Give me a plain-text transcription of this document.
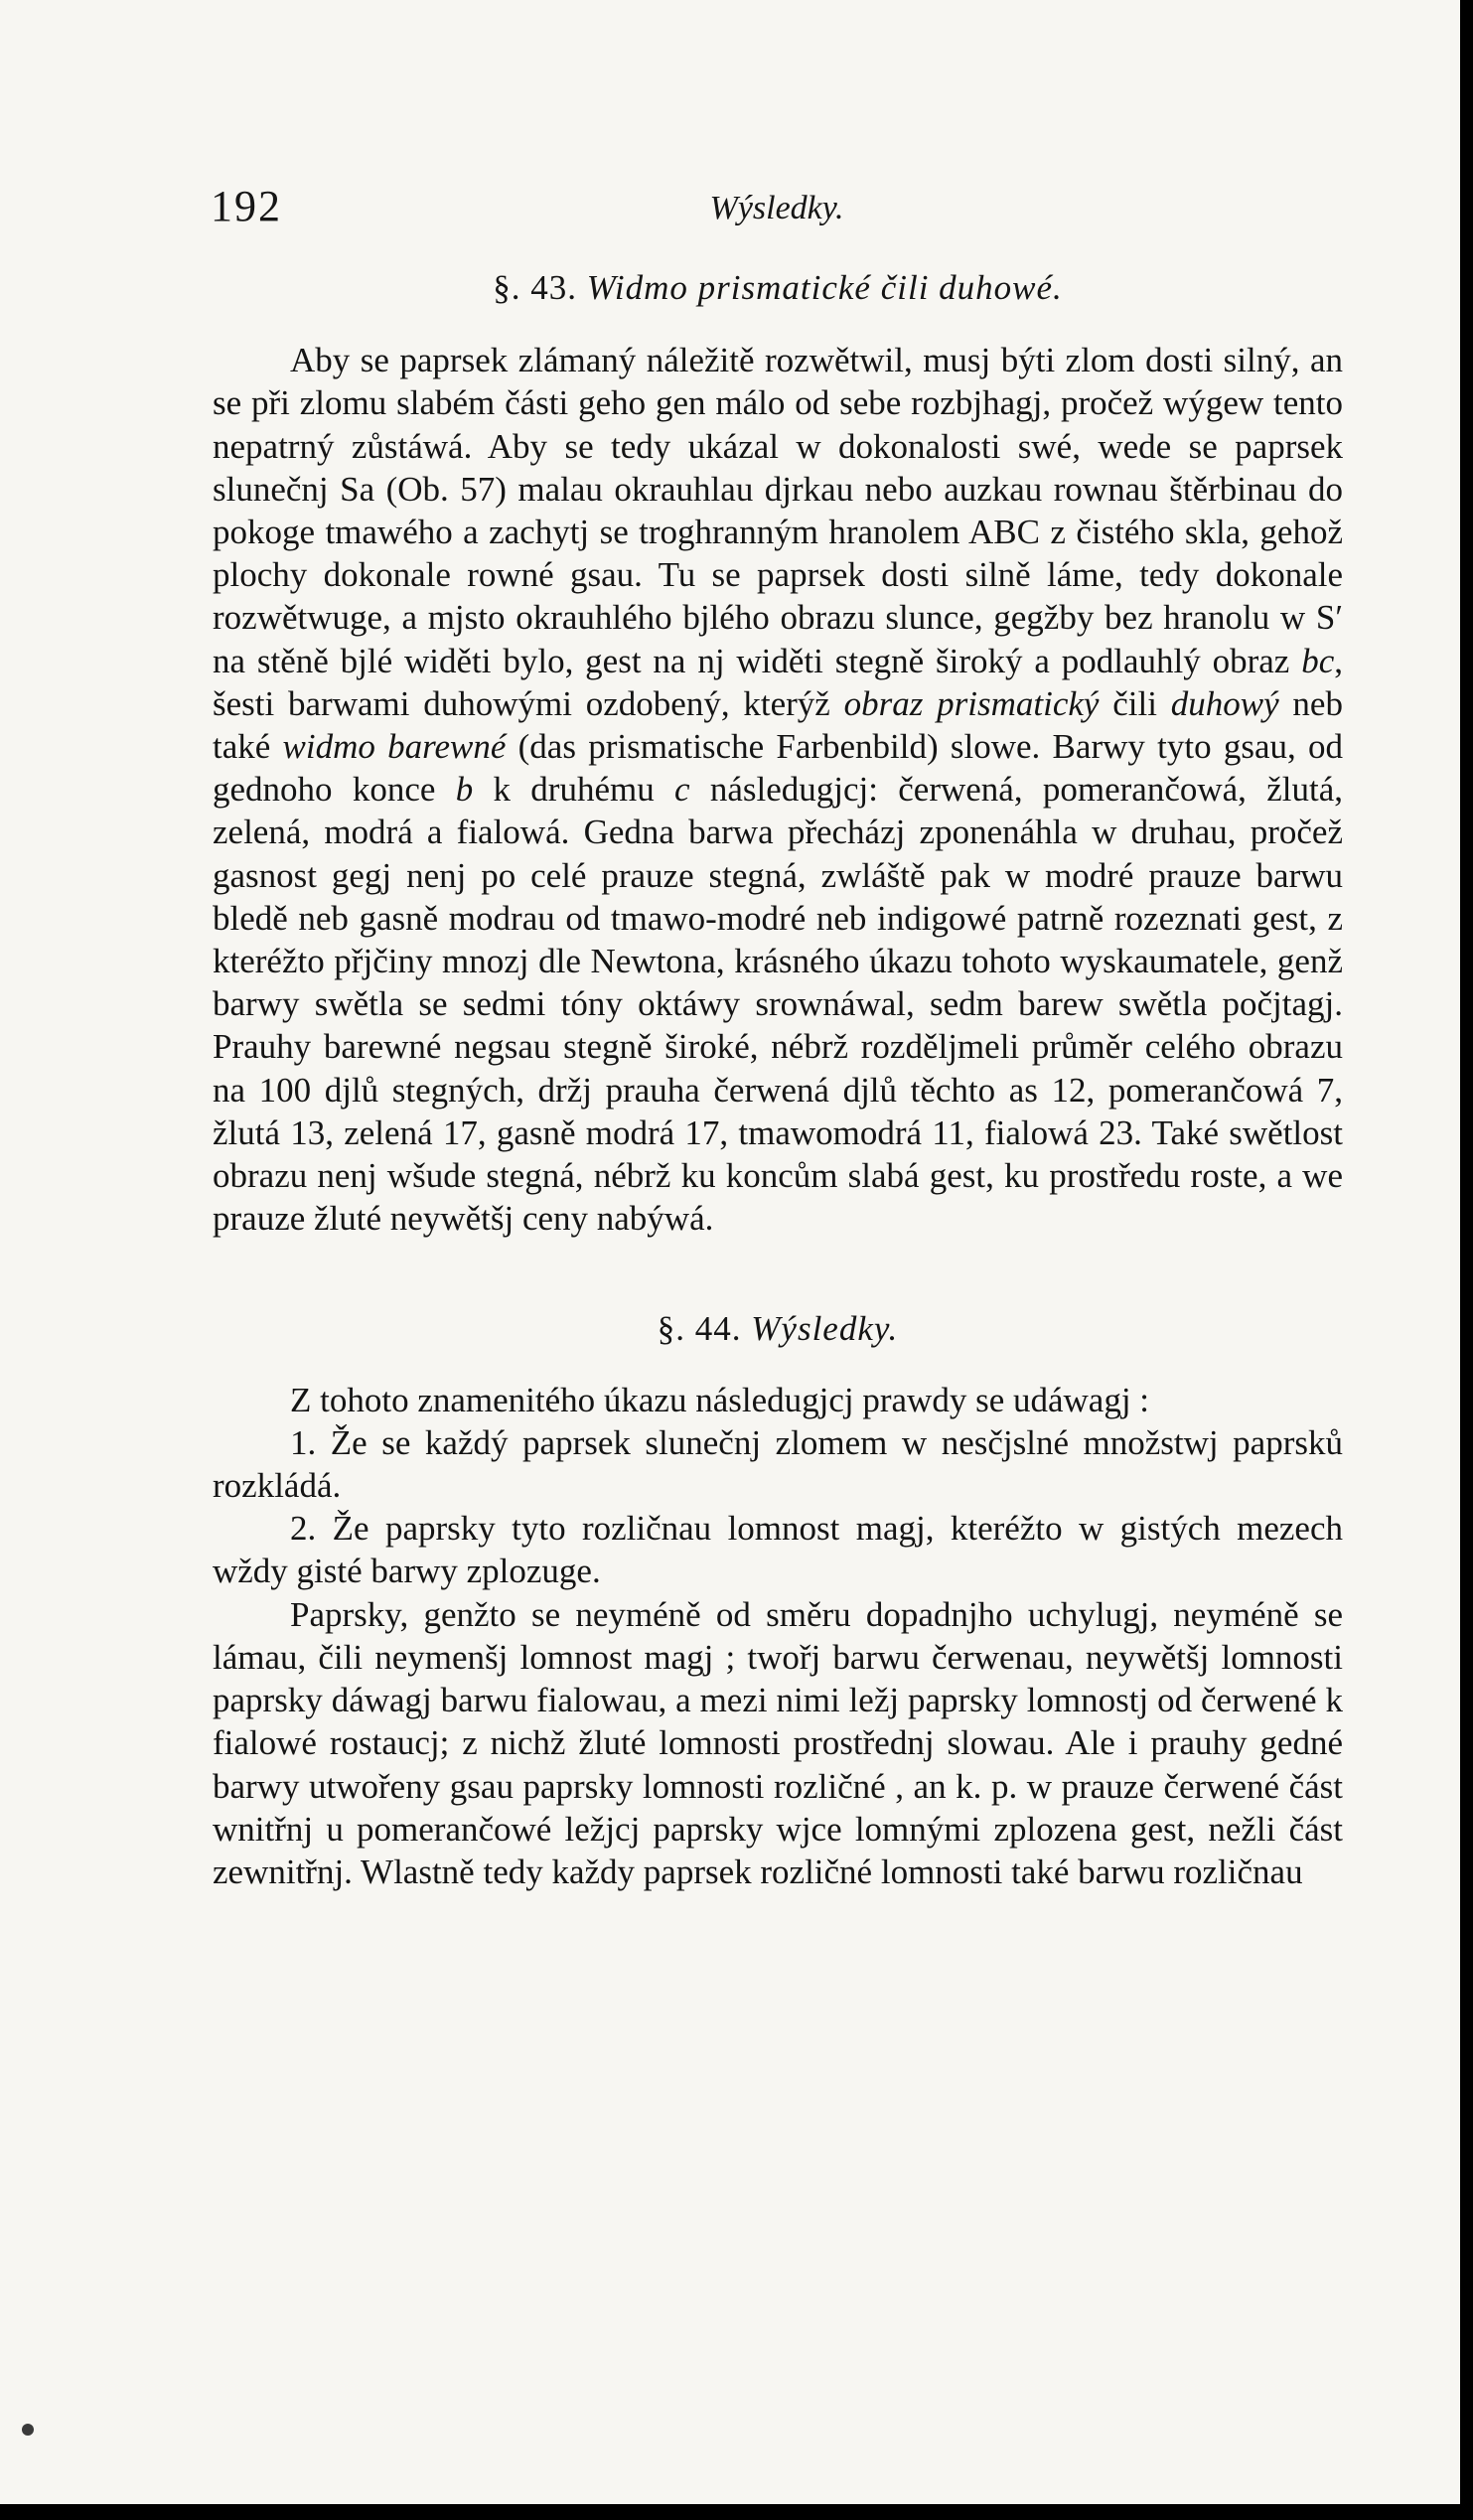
192	Wýsledky.
§. 43. Widmo prismatické čili duhowé.

Aby se paprsek zlámaný náležitě rozwětwil, musj býti zlom dosti silný, an se při zlomu slabém části geho gen málo od sebe rozbjhagj, pročež wýgew tento nepatrný zůstáwá. Aby se tedy ukázal w dokonalosti swé, wede se paprsek slunečnj Sa (Ob. 57) malau okrauhlau djrkau nebo auzkau rownau štěrbinau do pokoge tmawého a zachytj se troghranným hranolem ABC z čistého skla, gehož plochy dokonale rowné gsau. Tu se paprsek dosti silně láme, tedy dokonale rozwětwuge, a mjsto okrauhlého bjlého obrazu slunce, gegžby bez hranolu w S′ na stěně bjlé widěti bylo, gest na nj widěti stegně široký a podlauhlý obraz bc, šesti barwami duhowými ozdobený, kterýž obraz prismatický čili duhowý neb také widmo barewné (das prismatische Farbenbild) slowe. Barwy tyto gsau, od gednoho konce b k druhému c následugjcj: čerwená, pomerančowá, žlutá, zelená, modrá a fialowá. Gedna barwa přecházj zponenáhla w druhau, pročež gasnost gegj nenj po celé prauze stegná, zwláště pak w modré prauze barwu bledě neb gasně modrau od tmawo-modré neb indigowé patrně rozeznati gest, z kteréžto přjčiny mnozj dle Newtona, krásného úkazu tohoto wyskaumatele, genž barwy swětla se sedmi tóny oktáwy srownáwal, sedm barew swětla počjtagj. Prauhy barewné negsau stegně široké, nébrž rozděljmeli průměr celého obrazu na 100 djlů stegných, držj prauha čerwená djlů těchto as 12, pomerančowá 7, žlutá 13, zelená 17, gasně modrá 17, tmawomodrá 11, fialowá 23. Také swětlost obrazu nenj wšude stegná, nébrž ku koncům slabá gest, ku prostředu roste, a we prauze žluté neywětšj ceny nabýwá.

§. 44. Wýsledky.

Z tohoto znamenitého úkazu následugjcj prawdy se udáwagj :

1. Že se každý paprsek slunečnj zlomem w nesčjslné množstwj paprsků rozkládá.

2. Že paprsky tyto rozličnau lomnost magj, kteréžto w gistých mezech wždy gisté barwy zplozuge.

Paprsky, genžto se neyméně od směru dopadnjho uchylugj, neyméně se lámau, čili neymenšj lomnost magj ; twořj barwu čerwenau, neywětšj lomnosti paprsky dáwagj barwu fialowau, a mezi nimi ležj paprsky lomnostj od čerwené k fialowé rostaucj; z nichž žluté lomnosti prostřednj slowau. Ale i prauhy gedné barwy utwořeny gsau paprsky lomnosti rozličné , an k. p. w prauze čerwené část wnitřnj u pomerančowé ležjcj paprsky wjce lomnými zplozena gest, nežli část zewnitřnj. Wlastně tedy každy paprsek rozličné lomnosti také barwu rozličnau
